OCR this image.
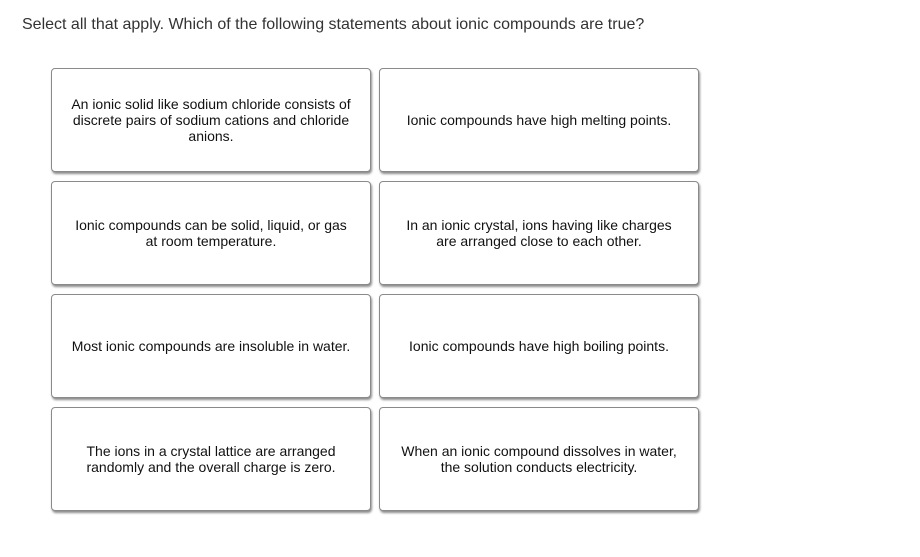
Select all that apply. Which of the following statements about ionic compounds are true?
An ionic solid like sodium chloride consists of discrete pairs of sodium cations and chloride anions.
Ionic compounds have high melting points.
Ionic compounds can be solid, liquid, or gas at room temperature.
In an ionic crystal, ions having like charges are arranged close to each other.
Most ionic compounds are insoluble in water.	Ionic compounds have high boiling points.
The ions in a crystal lattice are arranged randomly and the overall charge is zero.
When an ionic compound dissolves in water, the solution conducts electricity.
